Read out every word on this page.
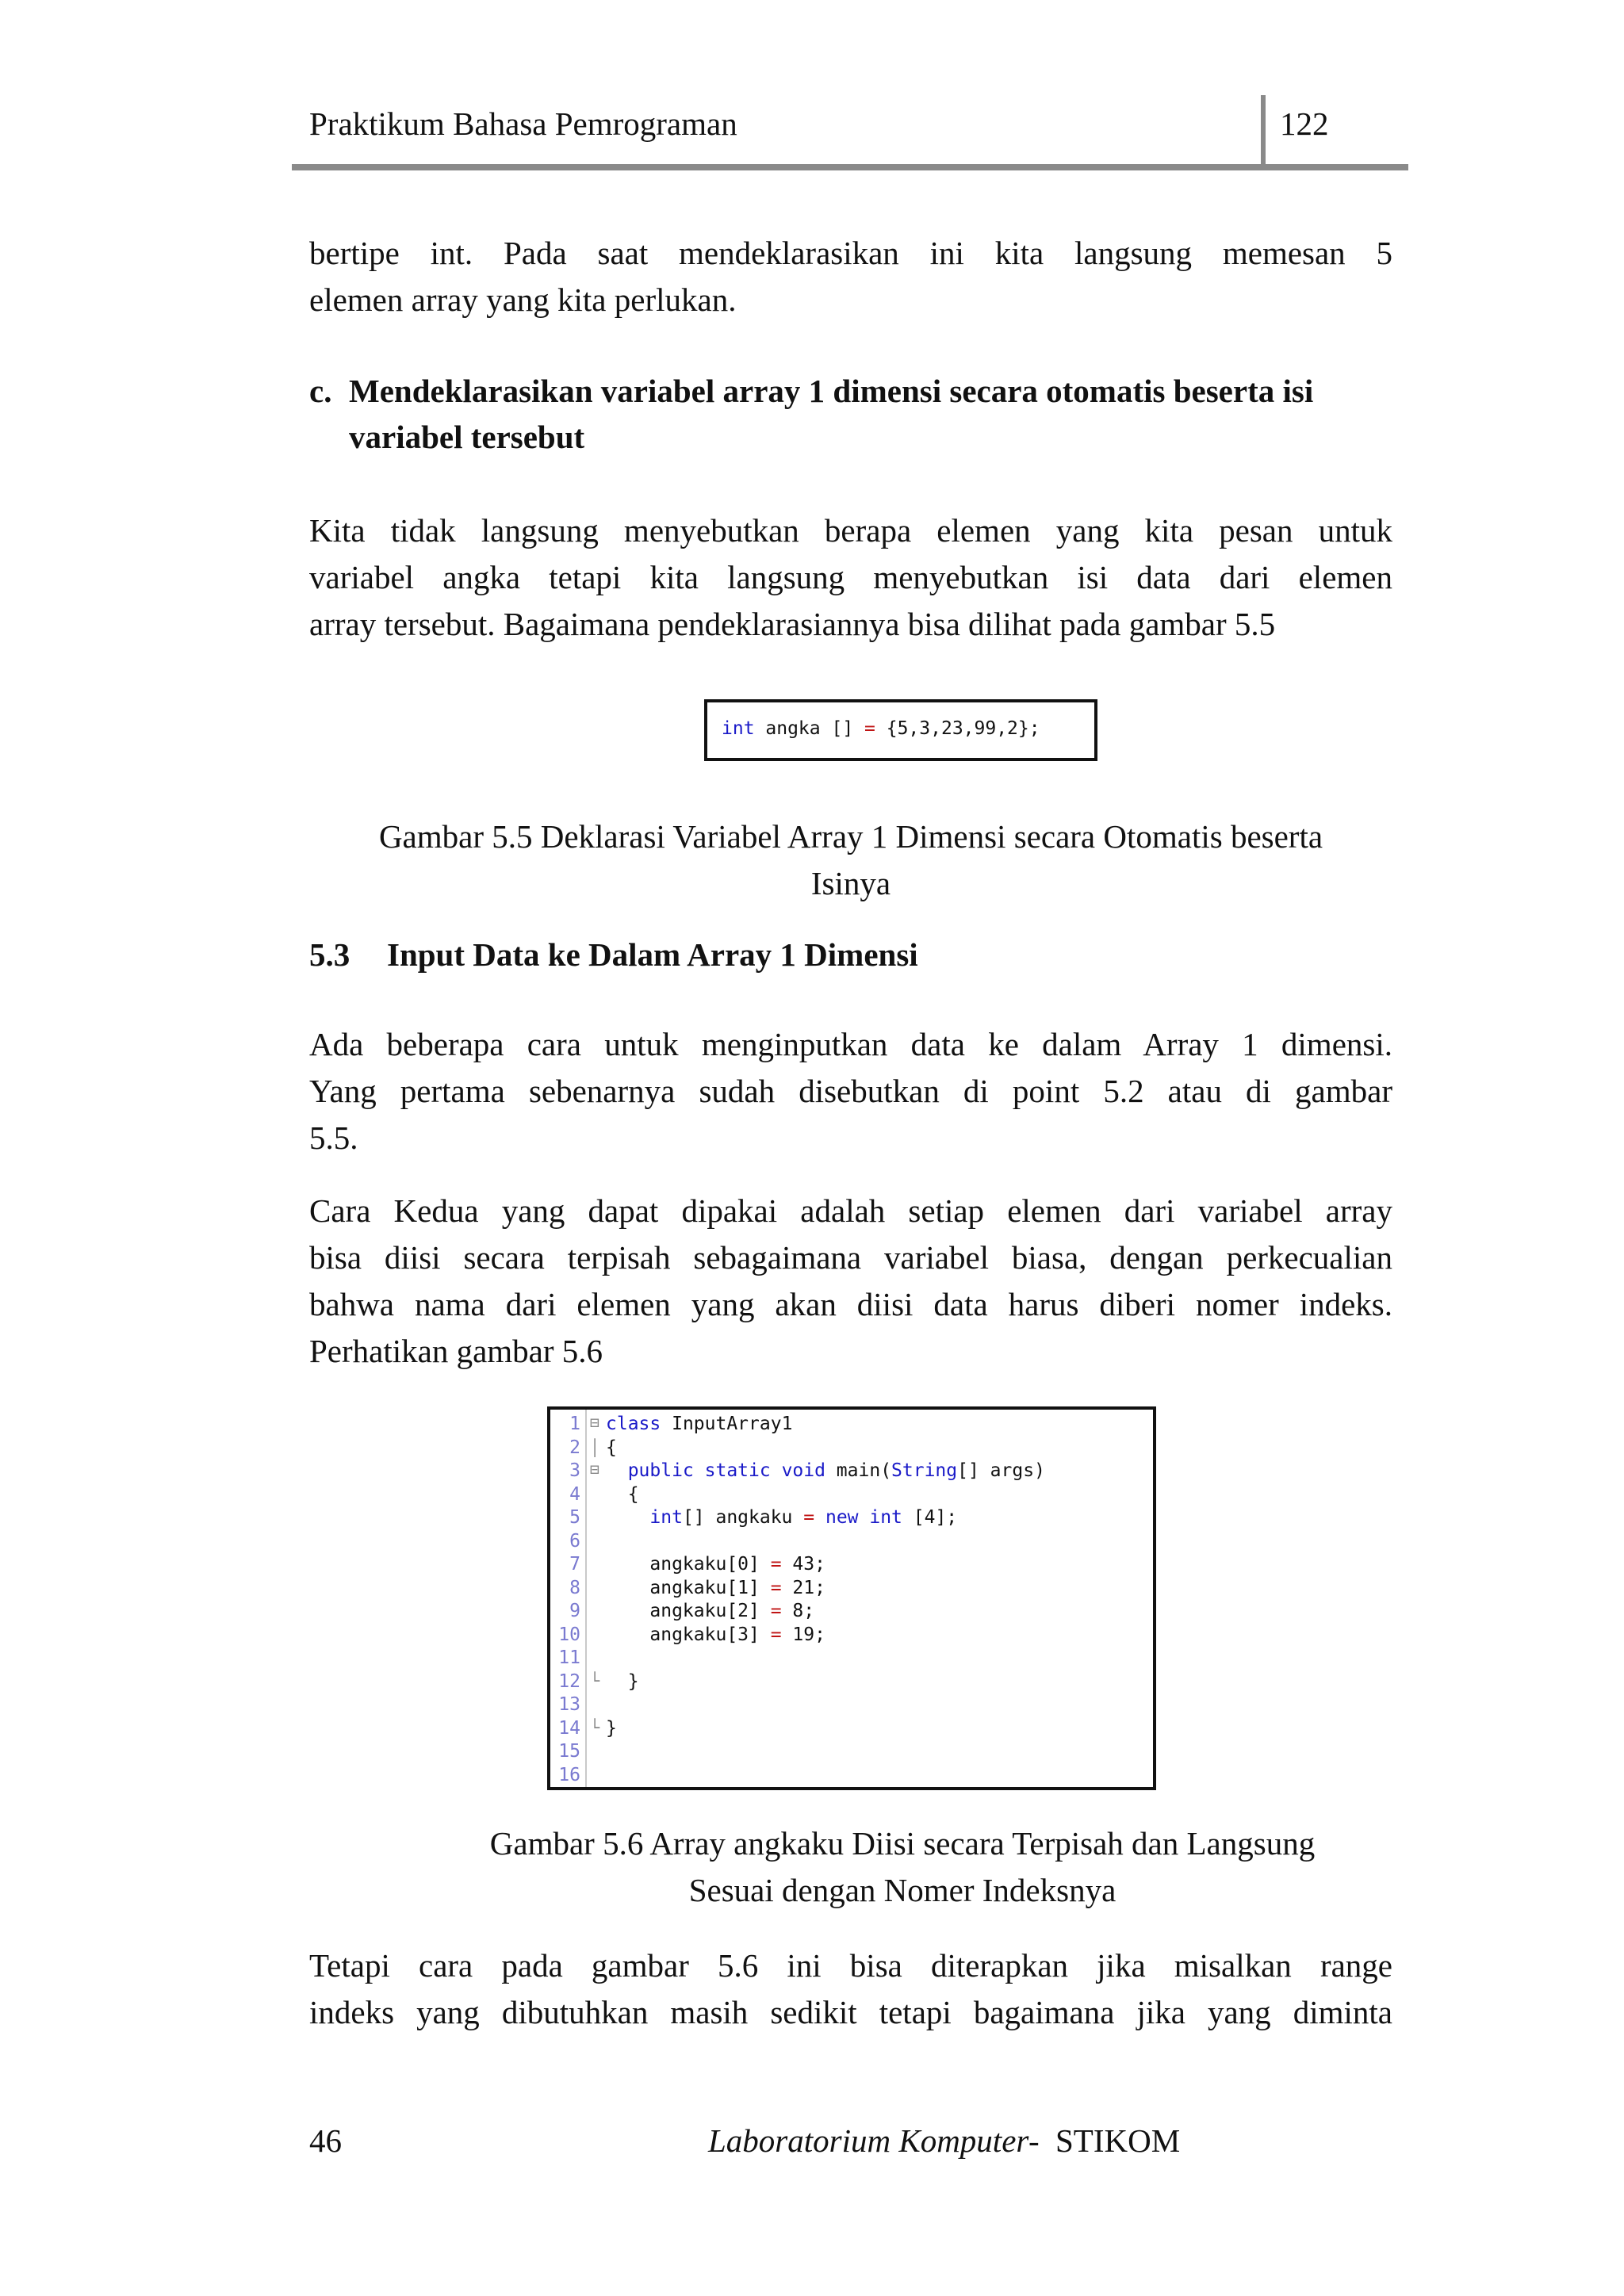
Praktikum Bahasa Pemrograman	122
bertipe int. Pada saat mendeklarasikan ini kita langsung memesan 5
elemen array yang kita perlukan.
c. Mendeklarasikan variabel array 1 dimensi secara otomatis beserta isi
variabel tersebut
Kita tidak langsung menyebutkan berapa elemen yang kita pesan untuk
variabel angka tetapi kita langsung menyebutkan isi data dari elemen
array tersebut. Bagaimana pendeklarasiannya bisa dilihat pada gambar 5.5
int angka [] = {5,3,23,99,2};
Gambar 5.5 Deklarasi Variabel Array 1 Dimensi secara Otomatis beserta
Isinya
5.3 Input Data ke Dalam Array 1 Dimensi
Ada beberapa cara untuk menginputkan data ke dalam Array 1 dimensi.
Yang pertama sebenarnya sudah disebutkan di point 5.2 atau di gambar
5.5.
Cara Kedua yang dapat dipakai adalah setiap elemen dari variabel array
bisa diisi secara terpisah sebagaimana variabel biasa, dengan perkecualian
bahwa nama dari elemen yang akan diisi data harus diberi nomer indeks.
Perhatikan gambar 5.6
1
2
3
4
5
6
7
8
9
10
11
12
13
14
15
16
⊟
│
⊟
└
└
class InputArray1
{
public static void main(String[] args)
{
int[] angkaku = new int [4];
angkaku[0] = 43;
angkaku[1] = 21;
angkaku[2] = 8;
angkaku[3] = 19;
}
}
Gambar 5.6 Array angkaku Diisi secara Terpisah dan Langsung
Sesuai dengan Nomer Indeksnya
Tetapi cara pada gambar 5.6 ini bisa diterapkan jika misalkan range
indeks yang dibutuhkan masih sedikit tetapi bagaimana jika yang diminta
46	Laboratorium Komputer - STIKOM
